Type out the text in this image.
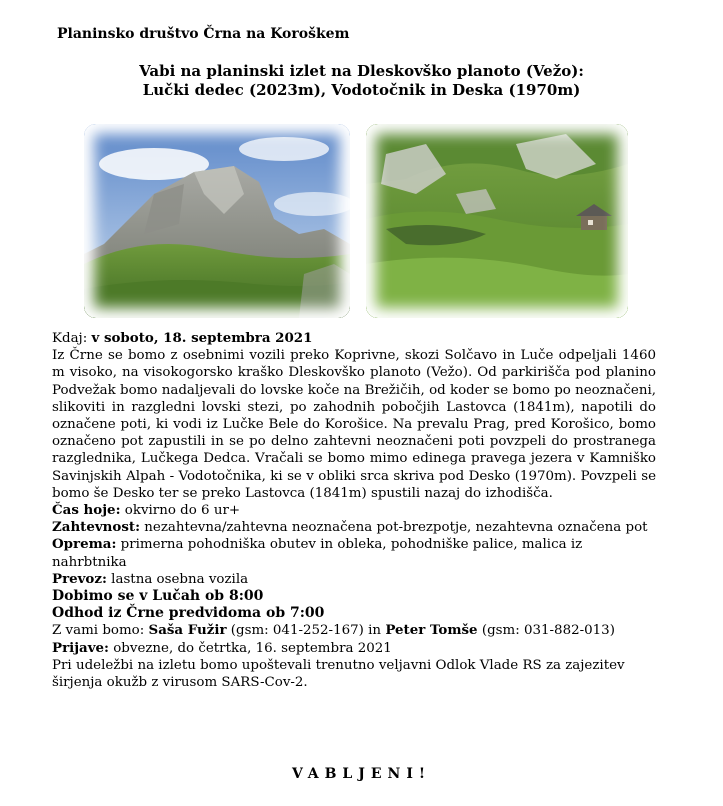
Planinsko društvo Črna na Koroškem
Vabi na planinski izlet na Dleskovško planoto (Vežo):
Lučki dedec (2023m), Vodotočnik in Deska (1970m)

Kdaj: v soboto, 18. septembra 2021

Iz Črne se bomo z osebnimi vozili preko Koprivne, skozi Solčavo in Luče odpeljali 1460 m visoko, na visokogorsko kraško Dleskovško planoto (Vežo). Od parkirišča pod planino Podvežak bomo nadaljevali do lovske koče na Brežičih, od koder se bomo po neoznačeni, slikoviti in razgledni lovski stezi, po zahodnih pobočjih Lastovca (1841m), napotili do označene poti, ki vodi iz Lučke Bele do Korošice. Na prevalu Prag, pred Korošico, bomo označeno pot zapustili in se po delno zahtevni neoznačeni poti povzpeli do prostranega razglednika, Lučkega Dedca. Vračali se bomo mimo edinega pravega jezera v Kamniško Savinjskih Alpah - Vodotočnika, ki se v obliki srca skriva pod Desko (1970m). Povzpeli se bomo še Desko ter se preko Lastovca (1841m) spustili nazaj do izhodišča.

Čas hoje: okvirno do 6 ur+

Zahtevnost: nezahtevna/zahtevna neoznačena pot-brezpotje, nezahtevna označena pot

Oprema: primerna pohodniška obutev in obleka, pohodniške palice, malica iz nahrbtnika

Prevoz: lastna osebna vozila

Dobimo se v Lučah ob 8:00

Odhod iz Črne predvidoma ob 7:00

Z vami bomo: Saša Fužir (gsm: 041-252-167) in Peter Tomše (gsm: 031-882-013)

Prijave: obvezne, do četrtka, 16. septembra 2021

Pri udeležbi na izletu bomo upoštevali trenutno veljavni Odlok Vlade RS za zajezitev širjenja okužb z virusom SARS-Cov-2.

VABLJENI!
